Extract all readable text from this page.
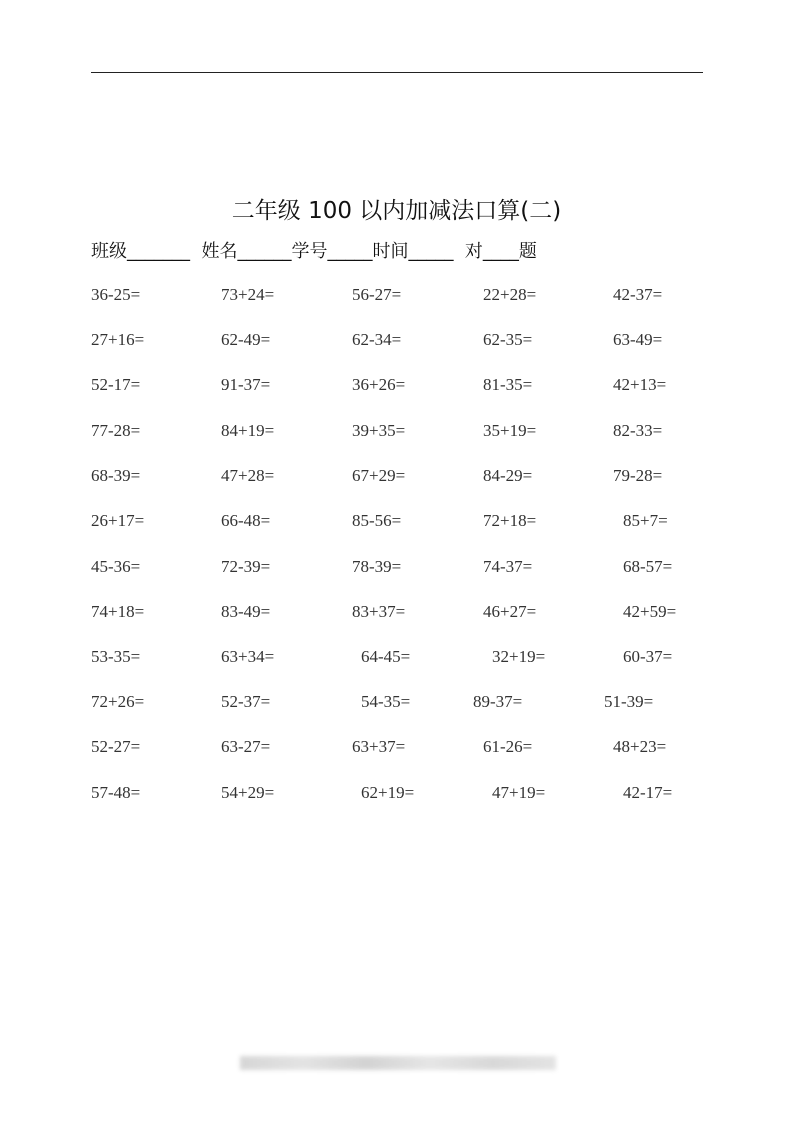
二年级 100 以内加减法口算(二)
班级_______  姓名______学号_____时间_____  对____题
36-25=	73+24=	56-27=	22+28=	42-37=
27+16=	62-49=	62-34=	62-35=	63-49=
52-17=	91-37=	36+26=	81-35=	42+13=
77-28=	84+19=	39+35=	35+19=	82-33=
68-39=	47+28=	67+29=	84-29=	79-28=
26+17=	66-48=	85-56=	72+18=	85+7=
45-36=	72-39=	78-39=	74-37=	68-57=
74+18=	83-49=	83+37=	46+27=	42+59=
53-35=	63+34=	64-45=	32+19=	60-37=
72+26=	52-37=	54-35=	89-37=	51-39=
52-27=	63-27=	63+37=	61-26=	48+23=
57-48=	54+29=	62+19=	47+19=	42-17=
